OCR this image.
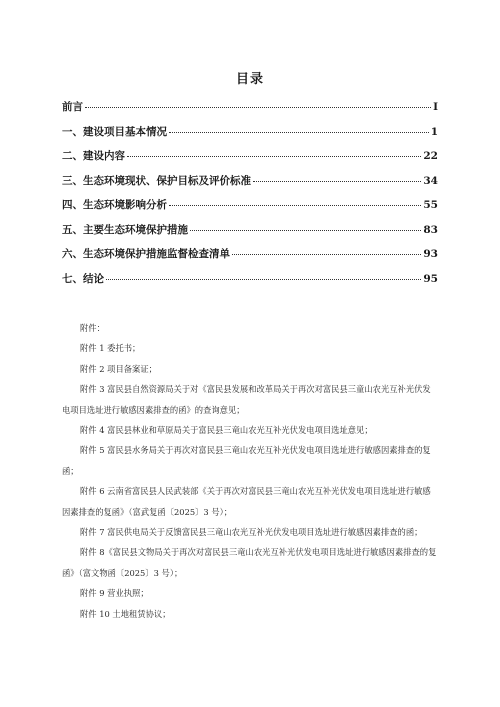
目录
前言	I
一、建设项目基本情况	1
二、建设内容	22
三、生态环境现状、保护目标及评价标准	34
四、生态环境影响分析	55
五、主要生态环境保护措施	83
六、生态环境保护措施监督检查清单	93
七、结论	95
附件：

附件 1 委托书；

附件 2 项目备案证；

附件 3 富民县自然资源局关于对《富民县发展和改革局关于再次对富民县三童山农光互补光伏发电项目选址进行敏感因素排查的函》的查询意见；

附件 4 富民县林业和草原局关于富民县三竜山农光互补光伏发电项目选址意见；

附件 5 富民县水务局关于再次对富民县三竜山农光互补光伏发电项目选址进行敏感因素排查的复函；

附件 6 云南省富民县人民武装部《关于再次对富民县三竜山农光互补光伏发电项目选址进行敏感因素排查的复函》（富武复函〔2025〕3 号）；

附件 7 富民供电局关于反馈富民县三竜山农光互补光伏发电项目选址进行敏感因素排查的函；

附件 8《富民县文物局关于再次对富民县三竜山农光互补光伏发电项目选址进行敏感因素排查的复函》（富文物函〔2025〕3 号）；

附件 9 营业执照；

附件 10 土地租赁协议；
